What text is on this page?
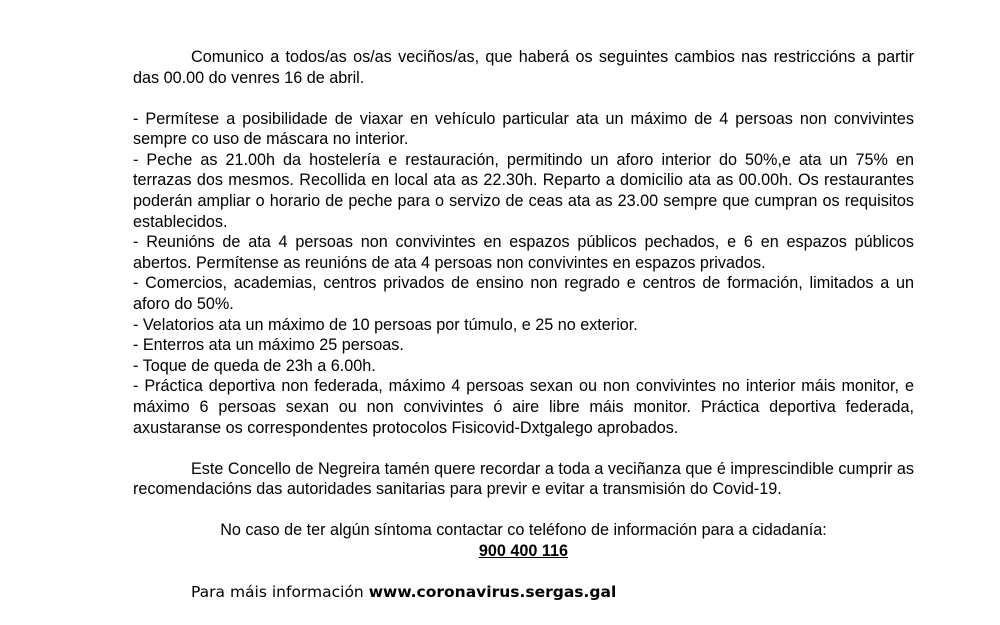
Comunico a todos/as os/as veciños/as, que haberá os seguintes cambios nas restriccións a partir das 00.00 do venres 16 de abril.

- Permítese a posibilidade de viaxar en vehículo particular ata un máximo de 4 persoas non convivintes sempre co uso de máscara no interior.

- Peche as 21.00h da hostelería e restauración, permitindo un aforo interior do 50%,e ata un 75% en terrazas dos mesmos. Recollida en local ata as 22.30h. Reparto a domicilio ata as 00.00h. Os restaurantes poderán ampliar o horario de peche para o servizo de ceas ata as 23.00 sempre que cumpran os requisitos establecidos.

- Reunións de ata 4 persoas non convivintes en espazos públicos pechados, e 6 en espazos públicos abertos. Permítense as reunións de ata 4 persoas non convivintes en espazos privados.

- Comercios, academias, centros privados de ensino non regrado e centros de formación, limitados a un aforo do 50%.

- Velatorios ata un máximo de 10 persoas por túmulo, e 25 no exterior.

- Enterros ata un máximo 25 persoas.

- Toque de queda de 23h a 6.00h.

- Práctica deportiva non federada, máximo 4 persoas sexan ou non convivintes no interior máis monitor, e máximo 6 persoas sexan ou non convivintes ó aire libre máis monitor. Práctica deportiva federada, axustaranse os correspondentes protocolos Fisicovid-Dxtgalego aprobados.

Este Concello de Negreira tamén quere recordar a toda a veciñanza que é imprescindible cumprir as recomendacións das autoridades sanitarias para previr e evitar a transmisión do Covid-19.

No caso de ter algún síntoma contactar co teléfono de información para a cidadanía:

900 400 116

Para máis información www.coronavirus.sergas.gal
